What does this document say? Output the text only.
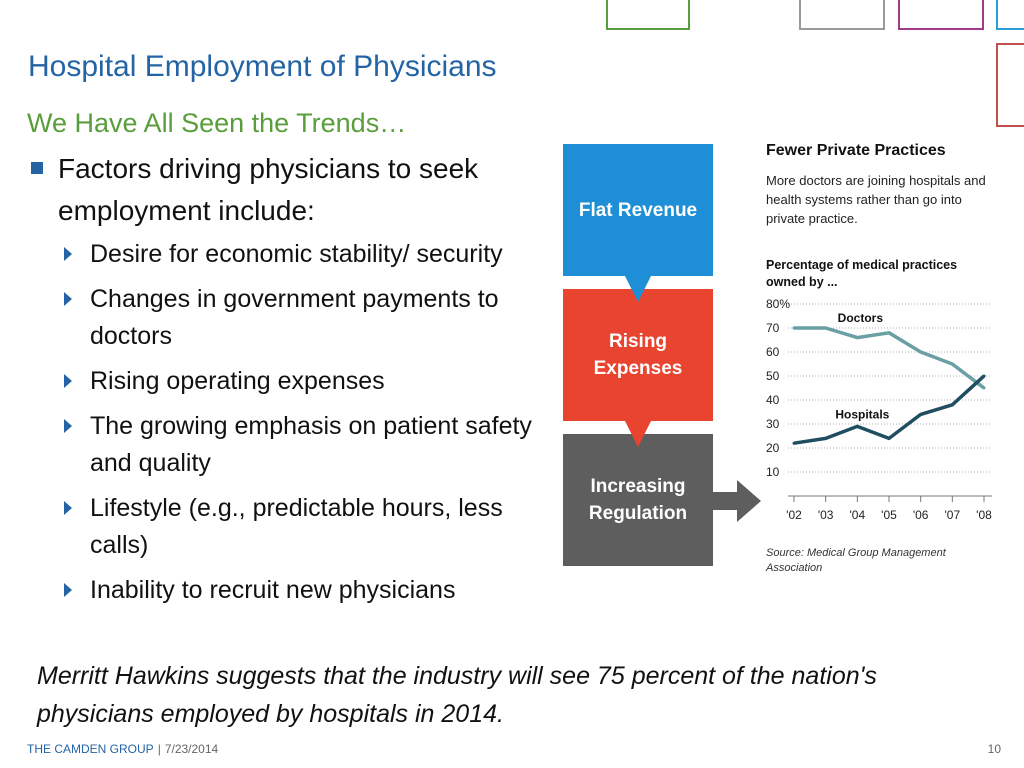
Hospital Employment of Physicians
We Have All Seen the Trends…
Factors driving physicians to seek employment include:
Desire for economic stability/ security
Changes in government payments to doctors
Rising operating expenses
The growing emphasis on patient safety and quality
Lifestyle (e.g., predictable hours, less calls)
Inability to recruit new physicians
Flat Revenue
Rising Expenses
Increasing Regulation
Fewer Private Practices
More doctors are joining hospitals and health systems rather than go into private practice.
Percentage of medical practices owned by ...
80%
70
60
50
40
30
20
10
'02 '03 '04 '05 '06 '07 '08
Doctors
Hospitals
Source: Medical Group Management Association
Merritt Hawkins suggests that the industry will see 75 percent of the nation's physicians employed by hospitals in 2014.
THE CAMDEN GROUP | 7/23/2014	10
